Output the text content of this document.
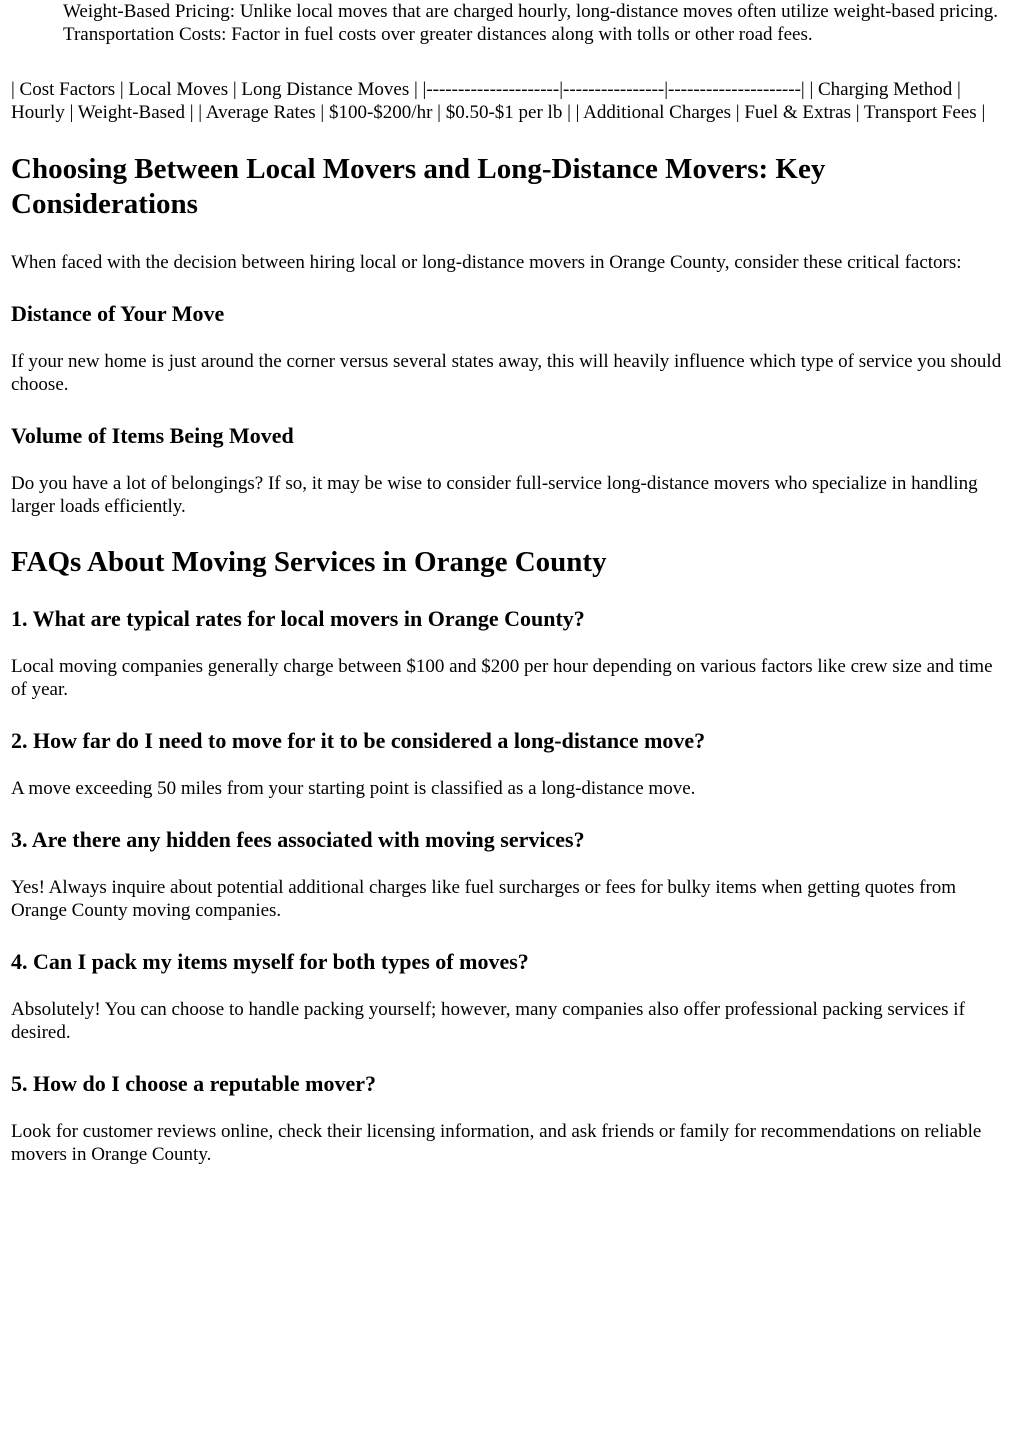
Weight-Based Pricing: Unlike local moves that are charged hourly, long-distance moves often utilize weight-based pricing. Transportation Costs: Factor in fuel costs over greater distances along with tolls or other road fees.

| Cost Factors | Local Moves | Long Distance Moves | |---------------------|----------------|---------------------| | Charging Method | Hourly | Weight-Based | | Average Rates | $100-$200/hr | $0.50-$1 per lb | | Additional Charges | Fuel & Extras | Transport Fees |

Choosing Between Local Movers and Long-Distance Movers: Key Considerations

When faced with the decision between hiring local or long-distance movers in Orange County, consider these critical factors:

Distance of Your Move

If your new home is just around the corner versus several states away, this will heavily influence which type of service you should choose.

Volume of Items Being Moved

Do you have a lot of belongings? If so, it may be wise to consider full-service long-distance movers who specialize in handling larger loads efficiently.

FAQs About Moving Services in Orange County
1. What are typical rates for local movers in Orange County?

Local moving companies generally charge between $100 and $200 per hour depending on various factors like crew size and time of year.

2. How far do I need to move for it to be considered a long-distance move?

A move exceeding 50 miles from your starting point is classified as a long-distance move.

3. Are there any hidden fees associated with moving services?

Yes! Always inquire about potential additional charges like fuel surcharges or fees for bulky items when getting quotes from Orange County moving companies.

4. Can I pack my items myself for both types of moves?

Absolutely! You can choose to handle packing yourself; however, many companies also offer professional packing services if desired.

5. How do I choose a reputable mover?

Look for customer reviews online, check their licensing information, and ask friends or family for recommendations on reliable movers in Orange County.
